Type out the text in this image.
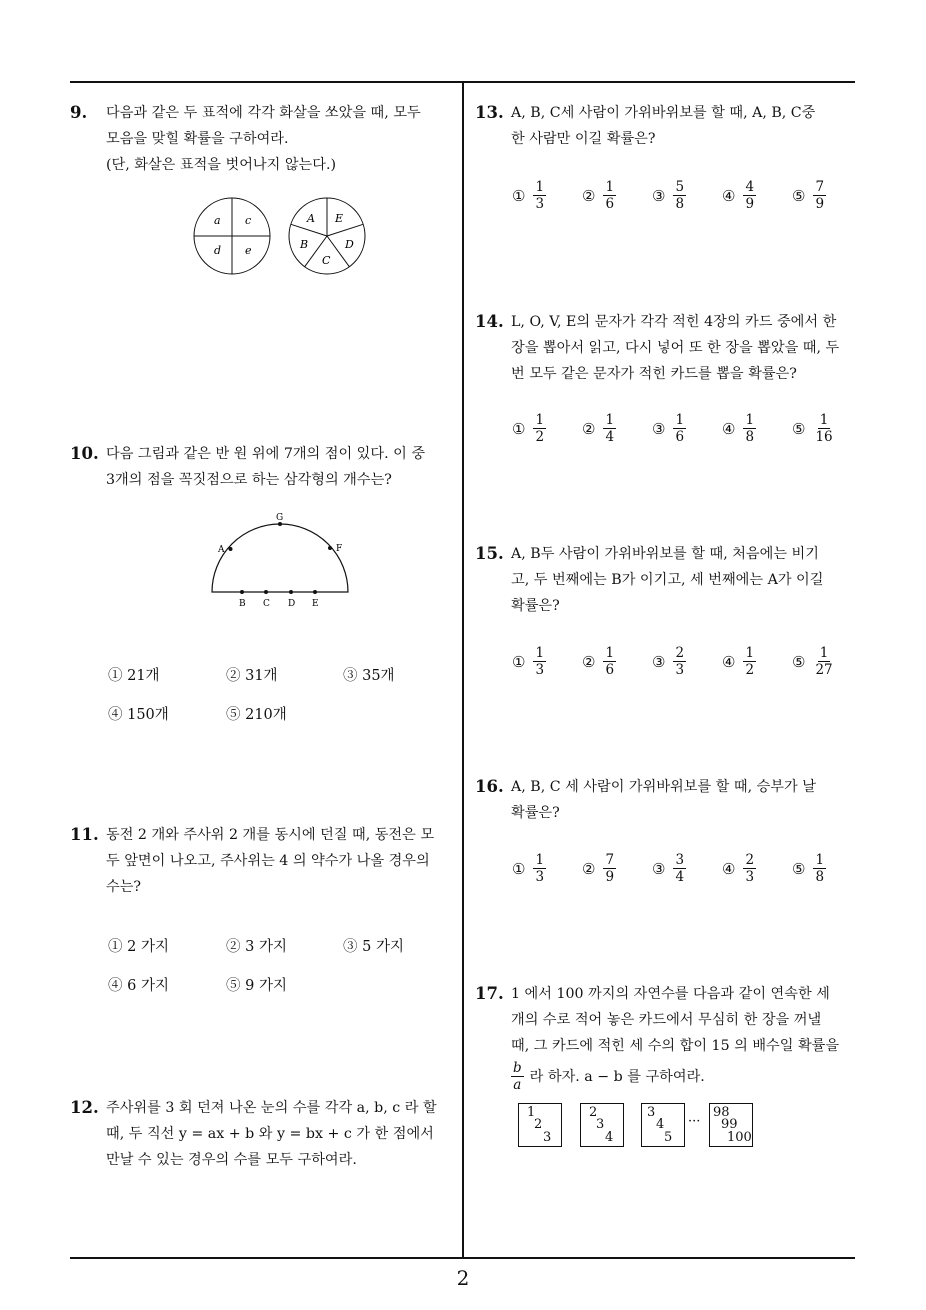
9. 다음과 같은 두 표적에 각각 화살을 쏘았을 때, 모두
모음을 맞힐 확률을 구하여라.
(단, 화살은 표적을 벗어나지 않는다.)
a c
d e
A E
B	D
C
10. 다음 그림과 같은 반 원 위에 7개의 점이 있다. 이 중
3개의 점을 꼭짓점으로 하는 삼각형의 개수는?
G
A	F
B C D E
① 21개	② 31개	③ 35개
④ 150개	⑤ 210개
11. 동전 2 개와 주사위 2 개를 동시에 던질 때, 동전은 모
두 앞면이 나오고, 주사위는 4 의 약수가 나올 경우의
수는?
① 2 가지	② 3 가지	③ 5 가지
④ 6 가지	⑤ 9 가지
12. 주사위를 3 회 던져 나온 눈의 수를 각각 a, b, c 라 할
때, 두 직선 y = ax + b 와 y = bx + c 가 한 점에서
만날 수 있는 경우의 수를 모두 구하여라.
13. A, B, C세 사람이 가위바위보를 할 때, A, B, C중
한 사람만 이길 확률은?
① $\frac{1}{3}$ ② $\frac{1}{6}$ ③ $\frac{5}{8}$ ④ $\frac{4}{9}$ ⑤ $\frac{7}{9}$
14. L, O, V, E의 문자가 각각 적힌 4장의 카드 중에서 한
장을 뽑아서 읽고, 다시 넣어 또 한 장을 뽑았을 때, 두
번 모두 같은 문자가 적힌 카드를 뽑을 확률은?
① $\frac{1}{2}$ ② $\frac{1}{4}$ ③ $\frac{1}{6}$ ④ $\frac{1}{8}$ ⑤ $\frac{1}{16}$
15. A, B두 사람이 가위바위보를 할 때, 처음에는 비기
고, 두 번째에는 B가 이기고, 세 번째에는 A가 이길
확률은?
① $\frac{1}{3}$ ② $\frac{1}{6}$ ③ $\frac{2}{3}$ ④ $\frac{1}{2}$ ⑤ $\frac{1}{27}$
16. A, B, C 세 사람이 가위바위보를 할 때, 승부가 날
확률은?
① $\frac{1}{3}$ ② $\frac{7}{9}$ ③ $\frac{3}{4}$ ④ $\frac{2}{3}$ ⑤ $\frac{1}{8}$
17. 1 에서 100 까지의 자연수를 다음과 같이 연속한 세
개의 수로 적어 놓은 카드에서 무심히 한 장을 꺼낼
때, 그 카드에 적힌 세 수의 합이 15 의 배수일 확률을
$\frac{b}{a}$ 라 하자. a − b 를 구하여라.
1
2
3
2
3
4
3
4
5
···
98
99
100
2
